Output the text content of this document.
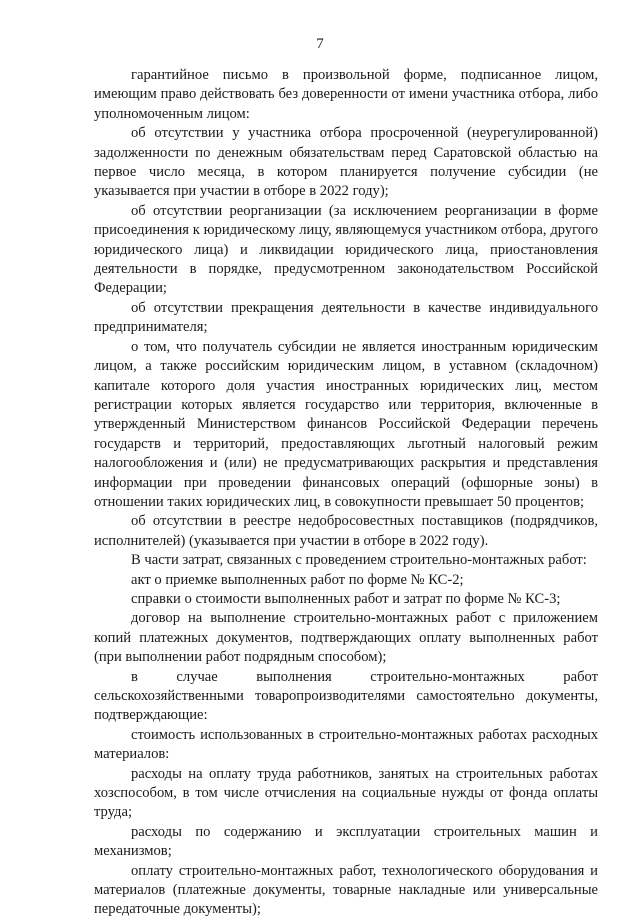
7

гарантийное письмо в произвольной форме, подписанное лицом, имеющим право действовать без доверенности от имени участника отбора, либо уполномоченным лицом:

об отсутствии у участника отбора просроченной (неурегулированной) задолженности по денежным обязательствам перед Саратовской областью на первое число месяца, в котором планируется получение субсидии (не указывается при участии в отборе в 2022 году);

об отсутствии реорганизации (за исключением реорганизации в форме присоединения к юридическому лицу, являющемуся участником отбора, другого юридического лица) и ликвидации юридического лица, приостановления деятельности в порядке, предусмотренном законодательством Российской Федерации;

об отсутствии прекращения деятельности в качестве индивидуального предпринимателя;

о том, что получатель субсидии не является иностранным юридическим лицом, а также российским юридическим лицом, в уставном (складочном) капитале которого доля участия иностранных юридических лиц, местом регистрации которых является государство или территория, включенные в утвержденный Министерством финансов Российской Федерации перечень государств и территорий, предоставляющих льготный налоговый режим налогообложения и (или) не предусматривающих раскрытия и представления информации при проведении финансовых операций (офшорные зоны) в отношении таких юридических лиц, в совокупности превышает 50 процентов;

об отсутствии в реестре недобросовестных поставщиков (подрядчиков, исполнителей) (указывается при участии в отборе в 2022 году).

В части затрат, связанных с проведением строительно-монтажных работ:

акт о приемке выполненных работ по форме № КС-2;

справки о стоимости выполненных работ и затрат по форме № КС-3;

договор на выполнение строительно-монтажных работ с приложением копий платежных документов, подтверждающих оплату выполненных работ (при выполнении работ подрядным способом);

в случае выполнения строительно-монтажных работ сельскохозяйственными товаропроизводителями самостоятельно документы, подтверждающие:

стоимость использованных в строительно-монтажных работах расходных материалов:

расходы на оплату труда работников, занятых на строительных работах хозспособом, в том числе отчисления на социальные нужды от фонда оплаты труда;

расходы по содержанию и эксплуатации строительных машин и механизмов;

оплату строительно-монтажных работ, технологического оборудования и материалов (платежные документы, товарные накладные или универсальные передаточные документы);
